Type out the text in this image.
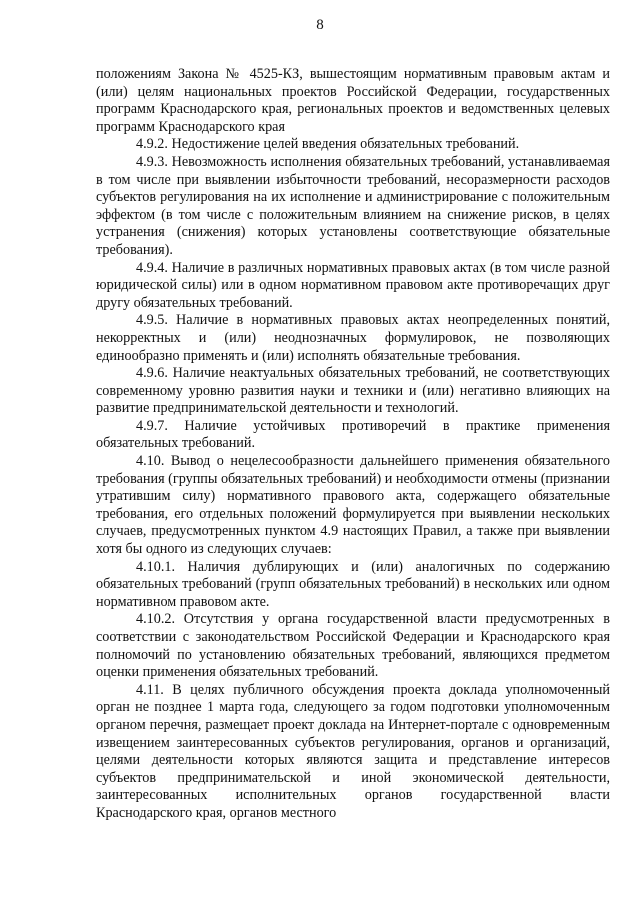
8

положениям Закона № 4525-КЗ, вышестоящим нормативным правовым актам и (или) целям национальных проектов Российской Федерации, государственных программ Краснодарского края, региональных проектов и ведомственных целевых программ Краснодарского края

4.9.2. Недостижение целей введения обязательных требований.

4.9.3. Невозможность исполнения обязательных требований, устанавливаемая в том числе при выявлении избыточности требований, несоразмерности расходов субъектов регулирования на их исполнение и администрирование с положительным эффектом (в том числе с положительным влиянием на снижение рисков, в целях устранения (снижения) которых установлены соответствующие обязательные требования).

4.9.4. Наличие в различных нормативных правовых актах (в том числе разной юридической силы) или в одном нормативном правовом акте противоречащих друг другу обязательных требований.

4.9.5. Наличие в нормативных правовых актах неопределенных понятий, некорректных и (или) неоднозначных формулировок, не позволяющих единообразно применять и (или) исполнять обязательные требования.

4.9.6. Наличие неактуальных обязательных требований, не соответствующих современному уровню развития науки и техники и (или) негативно влияющих на развитие предпринимательской деятельности и технологий.

4.9.7. Наличие устойчивых противоречий в практике применения обязательных требований.

4.10. Вывод о нецелесообразности дальнейшего применения обязательного требования (группы обязательных требований) и необходимости отмены (признании утратившим силу) нормативного правового акта, содержащего обязательные требования, его отдельных положений формулируется при выявлении нескольких случаев, предусмотренных пунктом 4.9 настоящих Правил, а также при выявлении хотя бы одного из следующих случаев:

4.10.1. Наличия дублирующих и (или) аналогичных по содержанию обязательных требований (групп обязательных требований) в нескольких или одном нормативном правовом акте.

4.10.2. Отсутствия у органа государственной власти предусмотренных в соответствии с законодательством Российской Федерации и Краснодарского края полномочий по установлению обязательных требований, являющихся предметом оценки применения обязательных требований.

4.11. В целях публичного обсуждения проекта доклада уполномоченный орган не позднее 1 марта года, следующего за годом подготовки уполномоченным органом перечня, размещает проект доклада на Интернет-портале с одновременным извещением заинтересованных субъектов регулирования, органов и организаций, целями деятельности которых являются защита и представление интересов субъектов предпринимательской и иной экономической деятельности, заинтересованных исполнительных органов государственной власти Краснодарского края, органов местного
